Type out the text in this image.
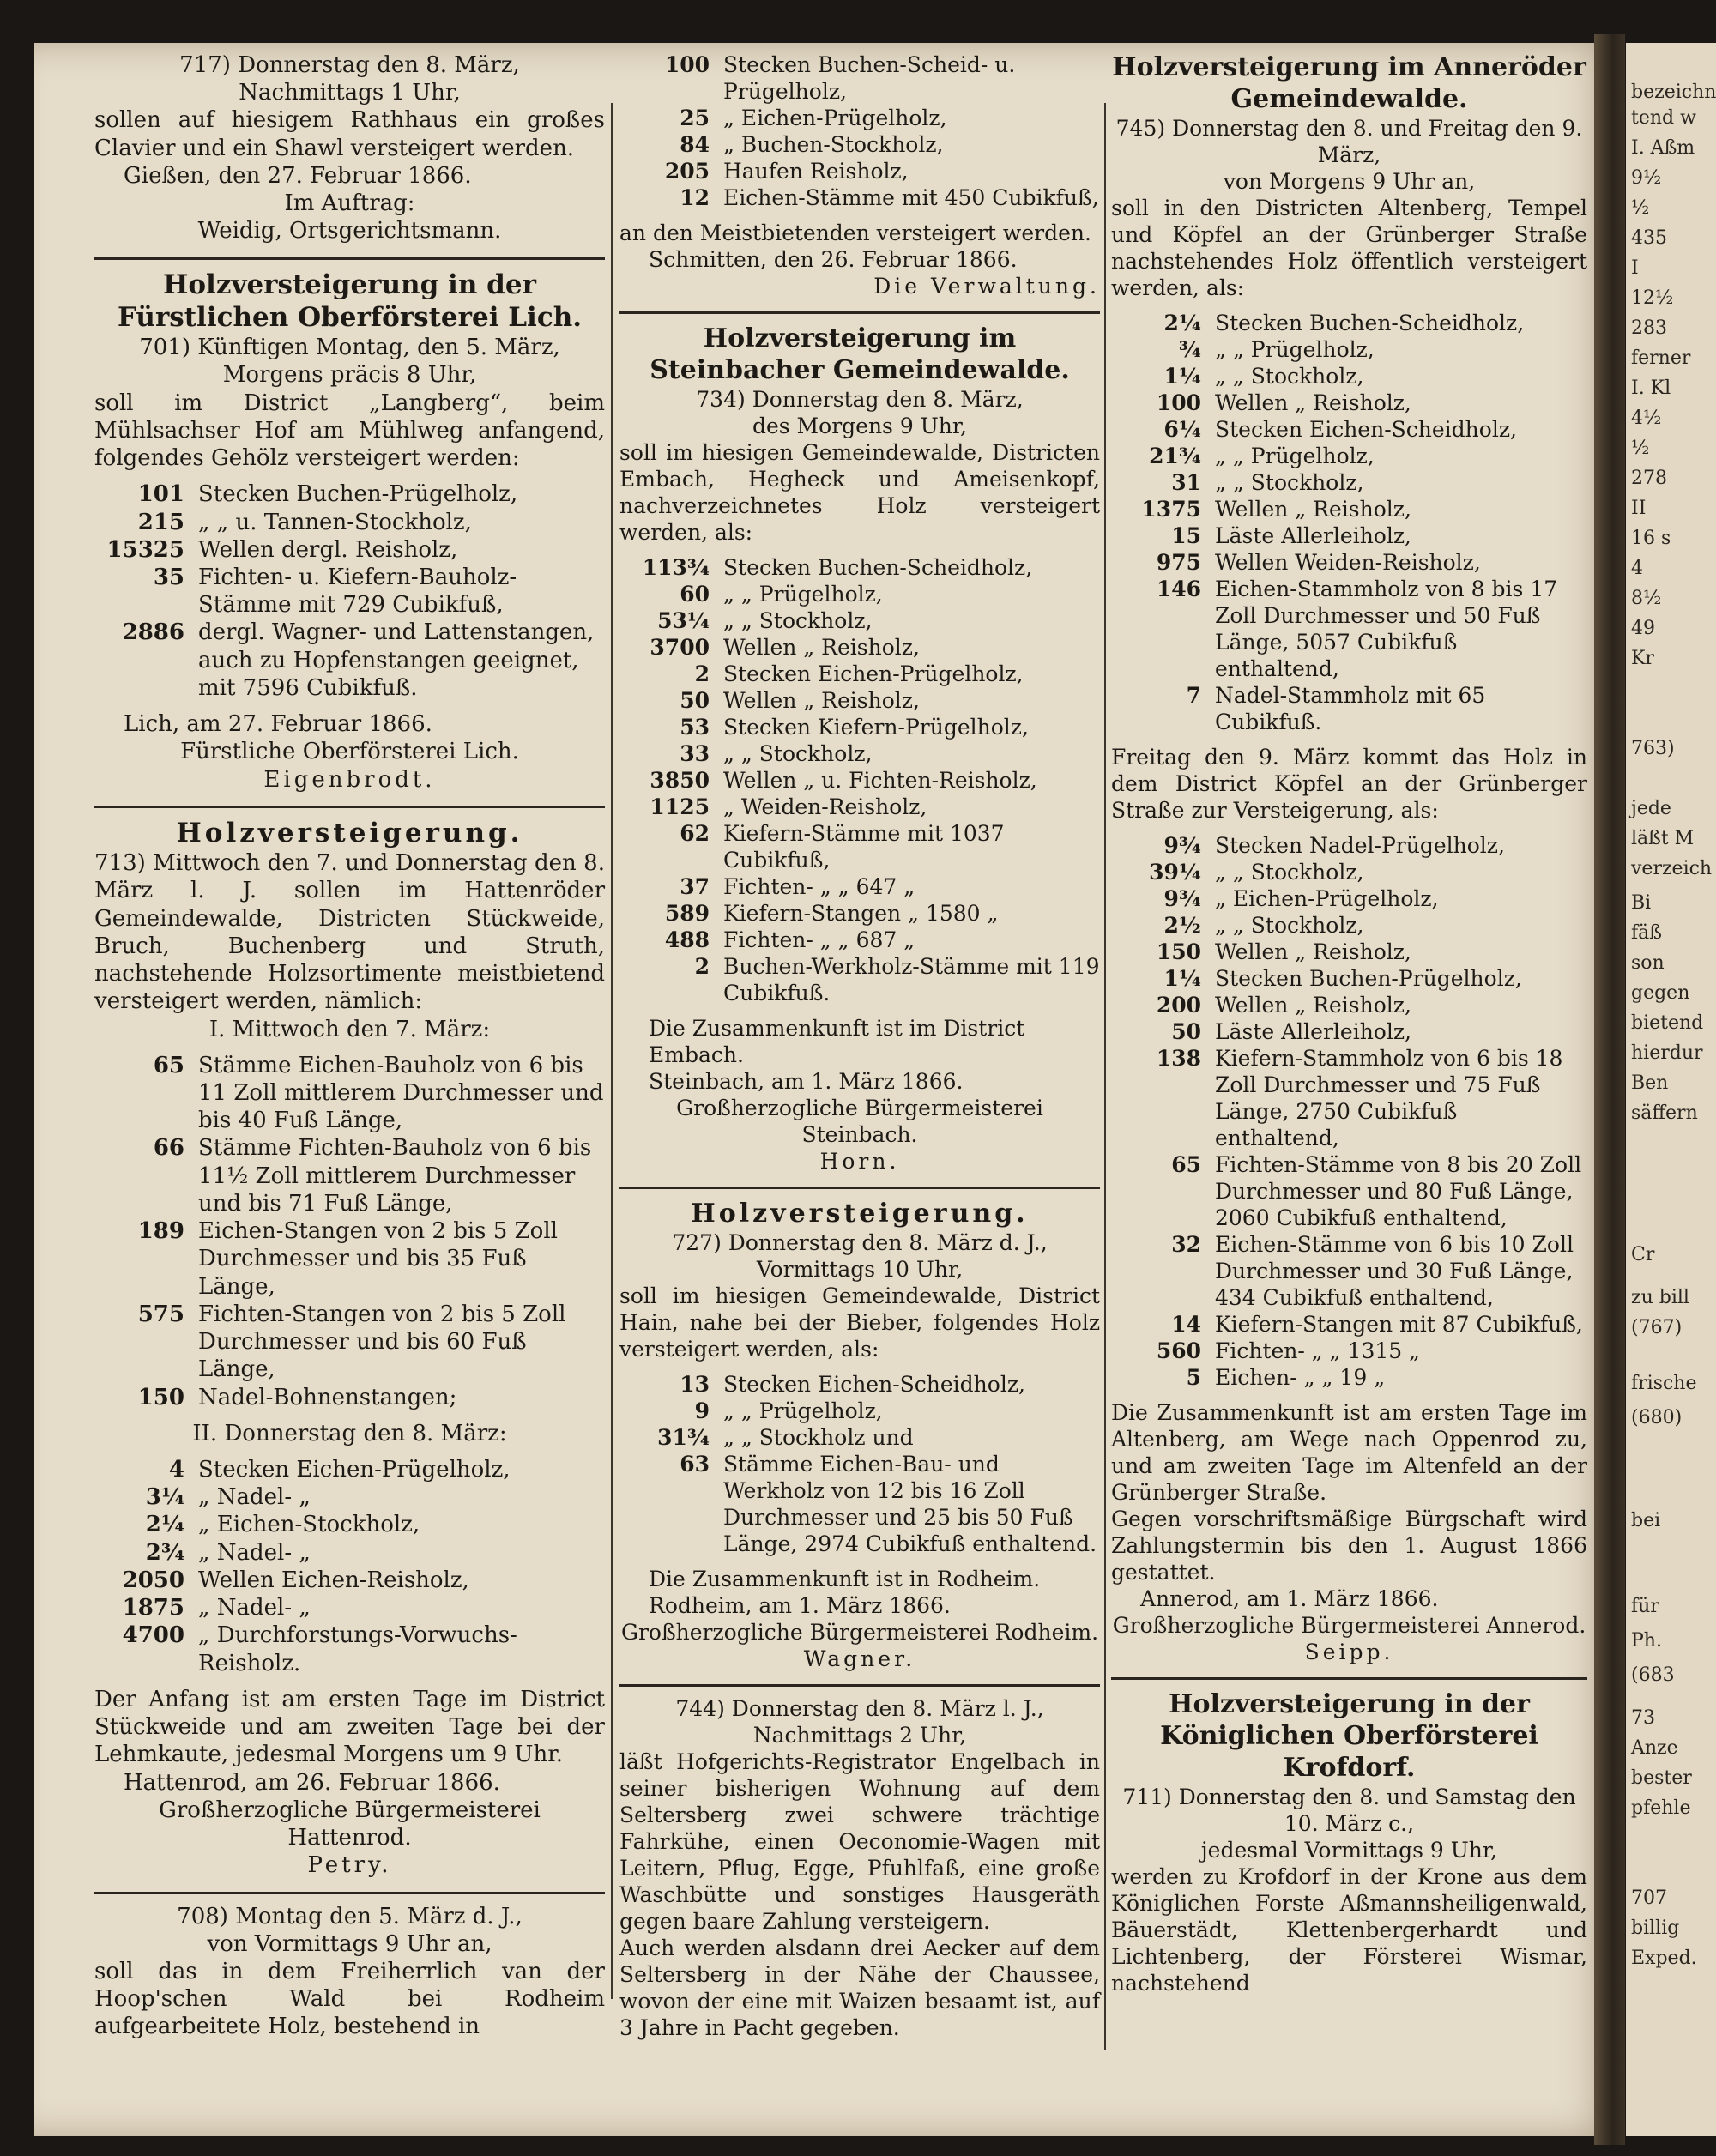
bezeichn
tend w
I. Aßm
9½
½
435
I
12½
283
ferner
I. Kl
4½
½
278
II
16 s
4
8½
49
Kr
763)
jede
läßt M
verzeich
Bi
fäß
son
gegen
bietend
hierdur
Ben
säffern
Cr
zu bill
(767)
frische
(680)
bei
für
Ph.
(683
73
Anze
bester
pfehle
707
billig
Exped.
717) Donnerstag den 8. März,
Nachmittags 1 Uhr,
sollen auf hiesigem Rathhaus ein großes Clavier und ein Shawl versteigert werden.
Gießen, den 27. Februar 1866.
Im Auftrag:
Weidig, Ortsgerichtsmann.
Holzversteigerung in der Fürstlichen Oberförsterei Lich.
701) Künftigen Montag, den 5. März,
Morgens präcis 8 Uhr,
soll im District „Langberg“, beim Mühlsachser Hof am Mühlweg anfangend, folgendes Gehölz versteigert werden:
101 Stecken Buchen-Prügelholz,
215 „ „ u. Tannen-Stockholz,
15325 Wellen dergl. Reisholz,
35 Fichten- u. Kiefern-Bauholz-Stämme mit 729 Cubikfuß,
2886 dergl. Wagner- und Lattenstangen, auch zu Hopfenstangen geeignet, mit 7596 Cubikfuß.
Lich, am 27. Februar 1866.
Fürstliche Oberförsterei Lich.
Eigenbrodt.
Holzversteigerung.
713) Mittwoch den 7. und Donnerstag den 8. März l. J. sollen im Hattenröder Gemeindewalde, Districten Stückweide, Bruch, Buchenberg und Struth, nachstehende Holzsortimente meistbietend versteigert werden, nämlich:
I. Mittwoch den 7. März:
65 Stämme Eichen-Bauholz von 6 bis 11 Zoll mittlerem Durchmesser und bis 40 Fuß Länge,
66 Stämme Fichten-Bauholz von 6 bis 11½ Zoll mittlerem Durchmesser und bis 71 Fuß Länge,
189 Eichen-Stangen von 2 bis 5 Zoll Durchmesser und bis 35 Fuß Länge,
575 Fichten-Stangen von 2 bis 5 Zoll Durchmesser und bis 60 Fuß Länge,
150 Nadel-Bohnenstangen;
II. Donnerstag den 8. März:
4 Stecken Eichen-Prügelholz,
3¼ „ Nadel- „
2¼ „ Eichen-Stockholz,
2¾ „ Nadel- „
2050 Wellen Eichen-Reisholz,
1875 „ Nadel- „
4700 „ Durchforstungs-Vorwuchs-Reisholz.
Der Anfang ist am ersten Tage im District Stückweide und am zweiten Tage bei der Lehmkaute, jedesmal Morgens um 9 Uhr.
Hattenrod, am 26. Februar 1866.
Großherzogliche Bürgermeisterei Hattenrod.
Petry.
708) Montag den 5. März d. J.,
von Vormittags 9 Uhr an,
soll das in dem Freiherrlich van der Hoop'schen Wald bei Rodheim aufgearbeitete Holz, bestehend in
100 Stecken Buchen-Scheid- u. Prügelholz,
25 „ Eichen-Prügelholz,
84 „ Buchen-Stockholz,
205 Haufen Reisholz,
12 Eichen-Stämme mit 450 Cubikfuß,
an den Meistbietenden versteigert werden.
Schmitten, den 26. Februar 1866.
Die Verwaltung.
Holzversteigerung im Steinbacher Gemeindewalde.
734) Donnerstag den 8. März,
des Morgens 9 Uhr,
soll im hiesigen Gemeindewalde, Districten Embach, Hegheck und Ameisenkopf, nachverzeichnetes Holz versteigert werden, als:
113¾ Stecken Buchen-Scheidholz,
60 „ „ Prügelholz,
53¼ „ „ Stockholz,
3700 Wellen „ Reisholz,
2 Stecken Eichen-Prügelholz,
50 Wellen „ Reisholz,
53 Stecken Kiefern-Prügelholz,
33 „ „ Stockholz,
3850 Wellen „ u. Fichten-Reisholz,
1125 „ Weiden-Reisholz,
62 Kiefern-Stämme mit 1037 Cubikfuß,
37 Fichten- „ „ 647 „
589 Kiefern-Stangen „ 1580 „
488 Fichten- „ „ 687 „
2 Buchen-Werkholz-Stämme mit 119 Cubikfuß.
Die Zusammenkunft ist im District Embach.
Steinbach, am 1. März 1866.
Großherzogliche Bürgermeisterei Steinbach.
Horn.
Holzversteigerung.
727) Donnerstag den 8. März d. J.,
Vormittags 10 Uhr,
soll im hiesigen Gemeindewalde, District Hain, nahe bei der Bieber, folgendes Holz versteigert werden, als:
13 Stecken Eichen-Scheidholz,
9 „ „ Prügelholz,
31¾ „ „ Stockholz und
63 Stämme Eichen-Bau- und Werkholz von 12 bis 16 Zoll Durchmesser und 25 bis 50 Fuß Länge, 2974 Cubikfuß enthaltend.
Die Zusammenkunft ist in Rodheim.
Rodheim, am 1. März 1866.
Großherzogliche Bürgermeisterei Rodheim.
Wagner.
744) Donnerstag den 8. März l. J.,
Nachmittags 2 Uhr,
läßt Hofgerichts-Registrator Engelbach in seiner bisherigen Wohnung auf dem Seltersberg zwei schwere trächtige Fahrkühe, einen Oeconomie-Wagen mit Leitern, Pflug, Egge, Pfuhlfaß, eine große Waschbütte und sonstiges Hausgeräth gegen baare Zahlung versteigern.
Auch werden alsdann drei Aecker auf dem Seltersberg in der Nähe der Chaussee, wovon der eine mit Waizen besaamt ist, auf 3 Jahre in Pacht gegeben.
Holzversteigerung im Anneröder Gemeindewalde.
745) Donnerstag den 8. und Freitag den 9. März,
von Morgens 9 Uhr an,
soll in den Districten Altenberg, Tempel und Köpfel an der Grünberger Straße nachstehendes Holz öffentlich versteigert werden, als:
2¼ Stecken Buchen-Scheidholz,
¾ „ „ Prügelholz,
1¼ „ „ Stockholz,
100 Wellen „ Reisholz,
6¼ Stecken Eichen-Scheidholz,
21¾ „ „ Prügelholz,
31 „ „ Stockholz,
1375 Wellen „ Reisholz,
15 Läste Allerleiholz,
975 Wellen Weiden-Reisholz,
146 Eichen-Stammholz von 8 bis 17 Zoll Durchmesser und 50 Fuß Länge, 5057 Cubikfuß enthaltend,
7 Nadel-Stammholz mit 65 Cubikfuß.
Freitag den 9. März kommt das Holz in dem District Köpfel an der Grünberger Straße zur Versteigerung, als:
9¾ Stecken Nadel-Prügelholz,
39¼ „ „ Stockholz,
9¾ „ Eichen-Prügelholz,
2½ „ „ Stockholz,
150 Wellen „ Reisholz,
1¼ Stecken Buchen-Prügelholz,
200 Wellen „ Reisholz,
50 Läste Allerleiholz,
138 Kiefern-Stammholz von 6 bis 18 Zoll Durchmesser und 75 Fuß Länge, 2750 Cubikfuß enthaltend,
65 Fichten-Stämme von 8 bis 20 Zoll Durchmesser und 80 Fuß Länge, 2060 Cubikfuß enthaltend,
32 Eichen-Stämme von 6 bis 10 Zoll Durchmesser und 30 Fuß Länge, 434 Cubikfuß enthaltend,
14 Kiefern-Stangen mit 87 Cubikfuß,
560 Fichten- „ „ 1315 „
5 Eichen- „ „ 19 „
Die Zusammenkunft ist am ersten Tage im Altenberg, am Wege nach Oppenrod zu, und am zweiten Tage im Altenfeld an der Grünberger Straße.
Gegen vorschriftsmäßige Bürgschaft wird Zahlungstermin bis den 1. August 1866 gestattet.
Annerod, am 1. März 1866.
Großherzogliche Bürgermeisterei Annerod.
Seipp.
Holzversteigerung in der Königlichen Oberförsterei Krofdorf.
711) Donnerstag den 8. und Samstag den 10. März c.,
jedesmal Vormittags 9 Uhr,
werden zu Krofdorf in der Krone aus dem Königlichen Forste Aßmannsheiligenwald, Bäuerstädt, Klettenbergerhardt und Lichtenberg, der Försterei Wismar, nachstehend
